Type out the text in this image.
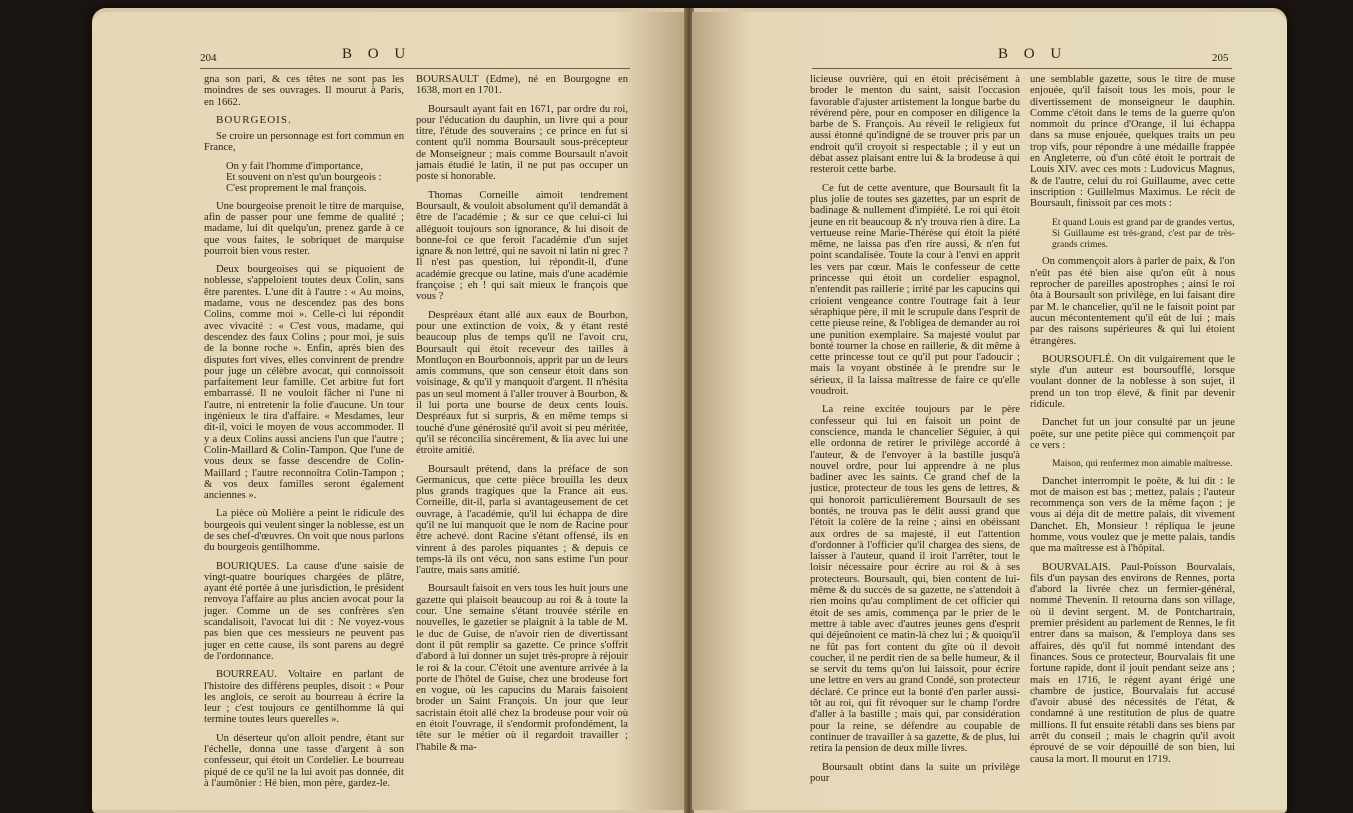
204	B O U

gna son pari, & ces têtes ne sont pas les moindres de ses ouvrages. Il mourut à Paris, en 1662.

BOURGEOIS.

Se croire un personnage est fort commun en France,

On y fait l'homme d'importance,
Et souvent on n'est qu'un bourgeois :
C'est proprement le mal françois.

Une bourgeoise prenoit le titre de marquise, afin de passer pour une femme de qualité ; madame, lui dit quelqu'un, prenez garde à ce que vous faites, le sobriquet de marquise pourroit bien vous rester.

Deux bourgeoises qui se piquoient de noblesse, s'appeloient toutes deux Colin, sans être parentes. L'une dit à l'autre : « Au moins, madame, vous ne descendez pas des bons Colins, comme moi ». Celle-ci lui répondit avec vivacité : « C'est vous, madame, qui descendez des faux Colins ; pour moi, je suis de la bonne roche ». Enfin, après bien des disputes fort vives, elles convinrent de prendre pour juge un célèbre avocat, qui connoissoit parfaitement leur famille. Cet arbitre fut fort embarrassé. Il ne vouloit fâcher ni l'une ni l'autre, ni entretenir la folie d'aucune. Un tour ingénieux le tira d'affaire. « Mesdames, leur dit-il, voici le moyen de vous accommoder. Il y a deux Colins aussi anciens l'un que l'autre ; Colin-Maillard & Colin-Tampon. Que l'une de vous deux se fasse descendre de Colin-Maillard ; l'autre reconnoîtra Colin-Tampon ; & vos deux familles seront également anciennes ».

La pièce où Molière a peint le ridicule des bourgeois qui veulent singer la noblesse, est un de ses chef-d'œuvres. On voit que nous parlons du bourgeois gentilhomme.

BOURIQUES. La cause d'une saisie de vingt-quatre bouriques chargées de plâtre, ayant été portée à une jurisdiction, le président renvoya l'affaire au plus ancien avocat pour la juger. Comme un de ses confrères s'en scandalisoit, l'avocat lui dit : Ne voyez-vous pas bien que ces messieurs ne peuvent pas juger en cette cause, ils sont parens au degré de l'ordonnance.

BOURREAU. Voltaire en parlant de l'histoire des différens peuples, disoit : « Pour les anglois, ce seroit au bourreau à écrire la leur ; c'est toujours ce gentilhomme là qui termine toutes leurs querelles ».

Un déserteur qu'on alloit pendre, étant sur l'échelle, donna une tasse d'argent à son confesseur, qui étoit un Cordelier. Le bourreau piqué de ce qu'il ne la lui avoit pas donnée, dit à l'aumônier : Hé bien, mon père, gardez-le.

BOURSAULT (Edme), né en Bourgogne en 1638, mort en 1701.

Boursault ayant fait en 1671, par ordre du roi, pour l'éducation du dauphin, un livre qui a pour titre, l'étude des souverains ; ce prince en fut si content qu'il nomma Boursault sous-précepteur de Monseigneur ; mais comme Boursault n'avoit jamais étudié le latin, il ne put pas occuper un poste si honorable.

Thomas Corneille aimoit tendrement Boursault, & vouloit absolument qu'il demandât à être de l'académie ; & sur ce que celui-ci lui alléguoit toujours son ignorance, & lui disoit de bonne-foi ce que feroit l'académie d'un sujet ignare & non lettré, qui ne savoit ni latin ni grec ? Il n'est pas question, lui répondit-il, d'une académie grecque ou latine, mais d'une académie françoise ; eh ! qui sait mieux le françois que vous ?

Despréaux étant allé aux eaux de Bourbon, pour une extinction de voix, & y étant resté beaucoup plus de temps qu'il ne l'avoit cru, Boursault qui étoit receveur des tailles à Montluçon en Bourbonnois, apprit par un de leurs amis communs, que son censeur étoit dans son voisinage, & qu'il y manquoit d'argent. Il n'hésita pas un seul moment à l'aller trouver à Bourbon, & il lui porta une bourse de deux cents louis. Despréaux fut si surpris, & en même temps si touché d'une générosité qu'il avoit si peu méritée, qu'il se réconcilia sincèrement, & lia avec lui une étroite amitié.

Boursault prétend, dans la préface de son Germanicus, que cette pièce brouilla les deux plus grands tragiques que la France ait eus. Corneille, dit-il, parla si avantageusement de cet ouvrage, à l'académie, qu'il lui échappa de dire qu'il ne lui manquoit que le nom de Racine pour être achevé. dont Racine s'étant offensé, ils en vinrent à des paroles piquantes ; & depuis ce temps-là ils ont vécu, non sans estime l'un pour l'autre, mais sans amitié.

Boursault faisoit en vers tous les huit jours une gazette qui plaisoit beaucoup au roi & à toute la cour. Une semaine s'étant trouvée stérile en nouvelles, le gazetier se plaignit à la table de M. le duc de Guise, de n'avoir rien de divertissant dont il pût remplir sa gazette. Ce prince s'offrit d'abord à lui donner un sujet très-propre à réjouir le roi & la cour. C'étoit une aventure arrivée à la porte de l'hôtel de Guise, chez une brodeuse fort en vogue, où les capucins du Marais faisoient broder un Saint François. Un jour que leur sacristain étoit allé chez la brodeuse pour voir où en étoit l'ouvrage, il s'endormit profondément, la tête sur le métier où il regardoit travailler ; l'habile & ma-

B O U	205

licieuse ouvrière, qui en étoit précisément à broder le menton du saint, saisit l'occasion favorable d'ajuster artistement la longue barbe du révérend père, pour en composer en diligence la barbe de S. François. Au réveil le religieux fut aussi étonné qu'indigné de se trouver pris par un endroit qu'il croyoit si respectable ; il y eut un débat assez plaisant entre lui & la brodeuse à qui resteroit cette barbe.

Ce fut de cette aventure, que Boursault fit la plus jolie de toutes ses gazettes, par un esprit de badinage & nullement d'impiété. Le roi qui étoit jeune en rit beaucoup & n'y trouva rien à dire. La vertueuse reine Marie-Thérèse qui étoit la piété même, ne laissa pas d'en rire aussi, & n'en fut point scandalisée. Toute la cour à l'envi en apprit les vers par cœur. Mais le confesseur de cette princesse qui étoit un cordelier espagnol, n'entendit pas raillerie ; irrité par les capucins qui crioient vengeance contre l'outrage fait à leur séraphique père, il mit le scrupule dans l'esprit de cette pieuse reine, & l'obligea de demander au roi une punition exemplaire. Sa majesté voulut par bonté tourner la chose en raillerie, & dit même à cette princesse tout ce qu'il put pour l'adoucir ; mais la voyant obstinée à le prendre sur le sérieux, il la laissa maîtresse de faire ce qu'elle voudroit.

La reine excitée toujours par le père confesseur qui lui en faisoit un point de conscience, manda le chancelier Séguier, à qui elle ordonna de retirer le privilège accordé à l'auteur, & de l'envoyer à la bastille jusqu'à nouvel ordre, pour lui apprendre à ne plus badiner avec les saints. Ce grand chef de la justice, protecteur de tous les gens de lettres, & qui honoroit particulièrement Boursault de ses bontés, ne trouva pas le délit aussi grand que l'étoit la colère de la reine ; ainsi en obéissant aux ordres de sa majesté, il eut l'attention d'ordonner à l'officier qu'il chargea des siens, de laisser à l'auteur, quand il iroit l'arrêter, tout le loisir nécessaire pour écrire au roi & à ses protecteurs. Boursault, qui, bien content de lui-même & du succès de sa gazette, ne s'attendoit à rien moins qu'au compliment de cet officier qui étoit de ses amis, commença par le prier de le mettre à table avec d'autres jeunes gens d'esprit qui déjeûnoient ce matin-là chez lui ; & quoiqu'il ne fût pas fort content du gîte où il devoit coucher, il ne perdit rien de sa belle humeur, & il se servit du tems qu'on lui laissoit, pour écrire une lettre en vers au grand Condé, son protecteur déclaré. Ce prince eut la bonté d'en parler aussi-tôt au roi, qui fit révoquer sur le champ l'ordre d'aller à la bastille ; mais qui, par considération pour la reine, se défendre au coupable de continuer de travailler à sa gazette, & de plus, lui retira la pension de deux mille livres.

Boursault obtint dans la suite un privilège pour

une semblable gazette, sous le titre de muse enjouée, qu'il faisoit tous les mois, pour le divertissement de monseigneur le dauphin. Comme c'étoit dans le tems de la guerre qu'on nommoit du prince d'Orange, il lui échappa dans sa muse enjouée, quelques traits un peu trop vifs, pour répondre à une médaille frappée en Angleterre, où d'un côté étoit le portrait de Louis XIV. avec ces mots : Ludovicus Magnus, & de l'autre, celui du roi Guillaume, avec cette inscription : Guillelmus Maximus. Le récit de Boursault, finissoit par ces mots :

Et quand Louis est grand par de grandes vertus,
Si Guillaume est très-grand, c'est par de très-grands crimes.

On commençoit alors à parler de paix, & l'on n'eût pas été bien aise qu'on eût à nous reprocher de pareilles apostrophes ; ainsi le roi ôta à Boursault son privilège, en lui faisant dire par M. le chancelier, qu'il ne le faisoit point par aucun mécontentement qu'il eût de lui ; mais par des raisons supérieures & qui lui étoient étrangères.

BOURSOUFLÉ. On dit vulgairement que le style d'un auteur est boursoufflé, lorsque voulant donner de la noblesse à son sujet, il prend un ton trop élevé, & finit par devenir ridicule.

Danchet fut un jour consulté par un jeune poëte, sur une petite pièce qui commençoit par ce vers :

Maison, qui renfermez mon aimable maîtresse.

Danchet interrompit le poëte, & lui dit : le mot de maison est bas ; mettez, palais ; l'auteur recommença son vers de la même façon ; je vous ai déja dit de mettre palais, dit vivement Danchet. Eh, Monsieur ! répliqua le jeune homme, vous voulez que je mette palais, tandis que ma maîtresse est à l'hôpital.

BOURVALAIS. Paul-Poisson Bourvalais, fils d'un paysan des environs de Rennes, porta d'abord la livrée chez un fermier-général, nommé Thevenin. Il retourna dans son village, où il devint sergent. M. de Pontchartrain, premier président au parlement de Rennes, le fit entrer dans sa maison, & l'employa dans ses affaires, dès qu'il fut nommé intendant des finances. Sous ce protecteur, Bourvalais fit une fortune rapide, dont il jouit pendant seize ans ; mais en 1716, le régent ayant érigé une chambre de justice, Bourvalais fut accusé d'avoir abusé des nécessités de l'état, & condamné à une restitution de plus de quatre millions. Il fut ensuite rétabli dans ses biens par arrêt du conseil ; mais le chagrin qu'il avoit éprouvé de se voir dépouillé de son bien, lui causa la mort. Il mourut en 1719.
